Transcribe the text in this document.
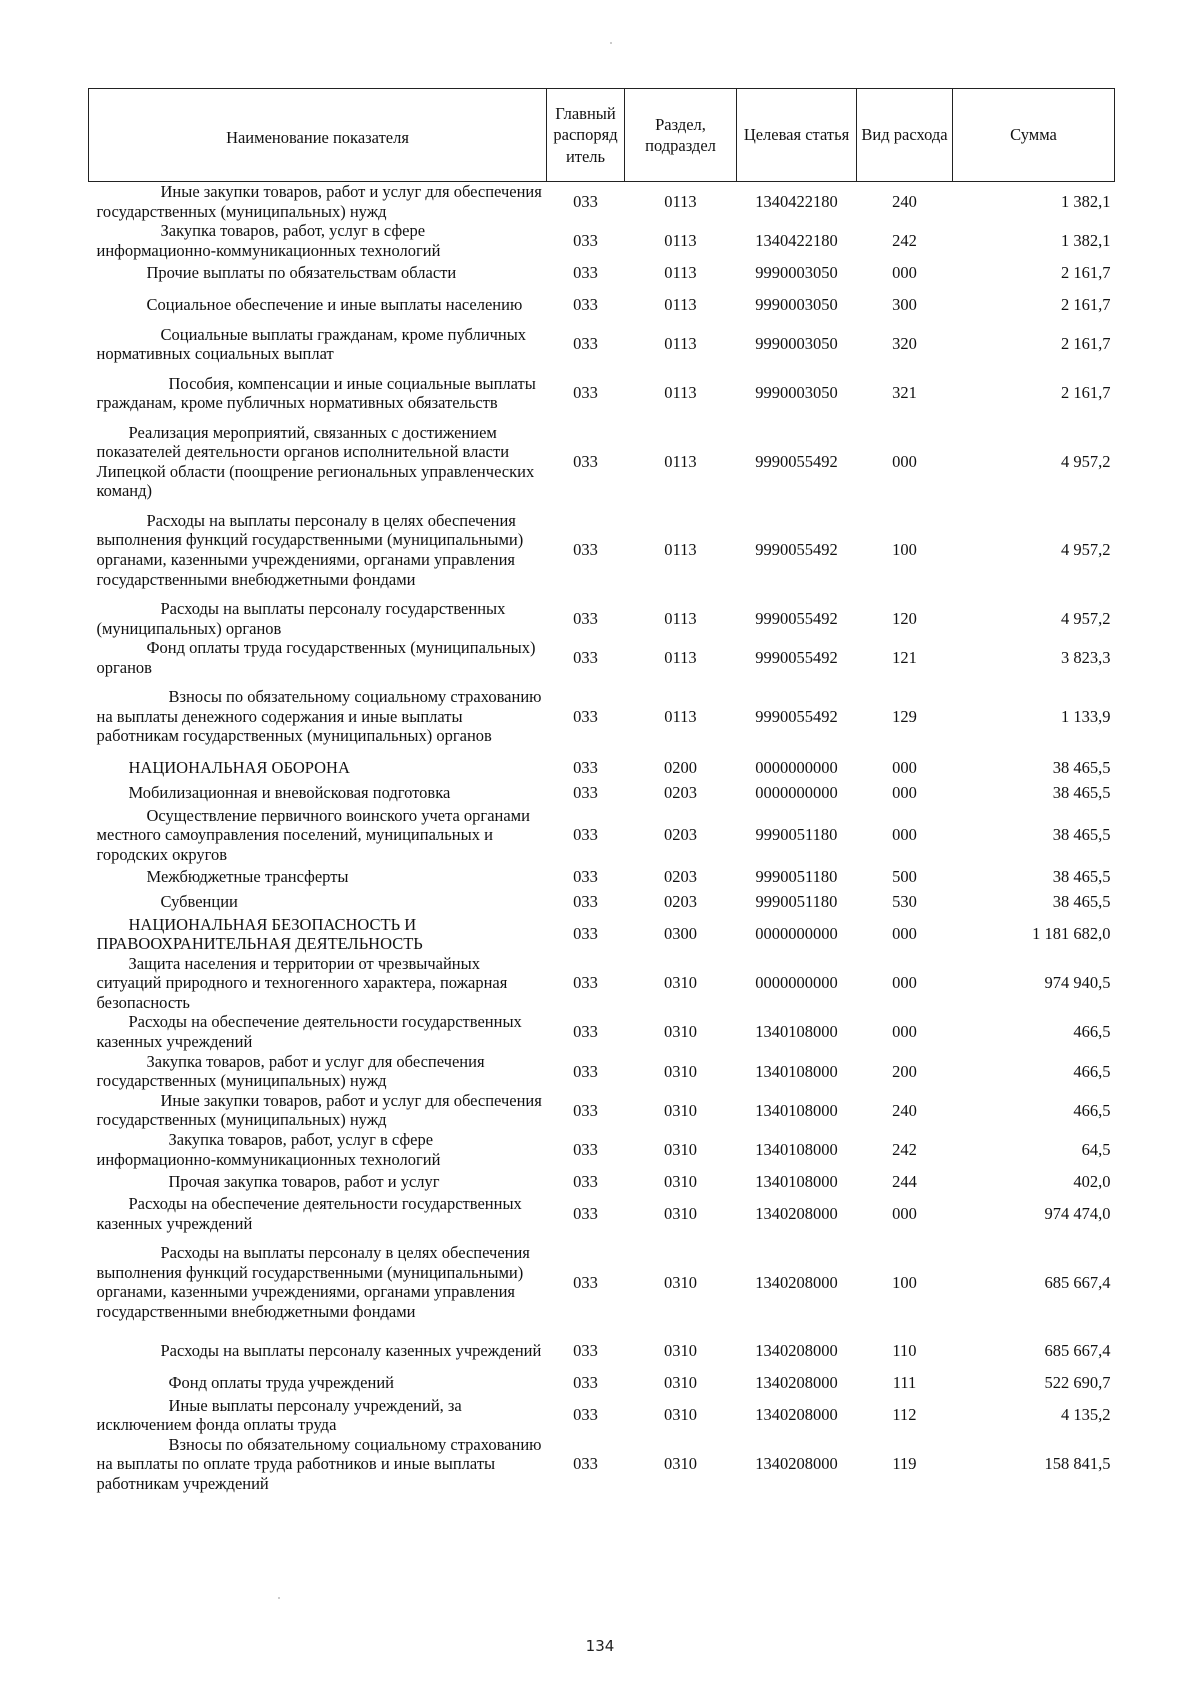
Наименование показателя	Главный распоряд итель	Раздел, подраздел	Целевая статья	Вид расхода	Сумма

Иные закупки товаров, работ и услуг для обеспечения государственных (муниципальных) нужд	033	0113	1340422180	240	1 382,1

Закупка товаров, работ, услуг в сфере информационно-коммуникационных технологий	033	0113	1340422180	242	1 382,1

Прочие выплаты по обязательствам области	033	0113	9990003050	000	2 161,7

Социальное обеспечение и иные выплаты населению	033	0113	9990003050	300	2 161,7

Социальные выплаты гражданам, кроме публичных нормативных социальных выплат	033	0113	9990003050	320	2 161,7

Пособия, компенсации и иные социальные выплаты гражданам, кроме публичных нормативных обязательств	033	0113	9990003050	321	2 161,7

Реализация мероприятий, связанных с достижением показателей деятельности органов исполнительной власти Липецкой области (поощрение региональных управленческих команд)	033	0113	9990055492	000	4 957,2

Расходы на выплаты персоналу в целях обеспечения выполнения функций государственными (муниципальными) органами, казенными учреждениями, органами управления государственными внебюджетными фондами	033	0113	9990055492	100	4 957,2

Расходы на выплаты персоналу государственных (муниципальных) органов	033	0113	9990055492	120	4 957,2

Фонд оплаты труда государственных (муниципальных) органов	033	0113	9990055492	121	3 823,3

Взносы по обязательному социальному страхованию на выплаты денежного содержания и иные выплаты работникам государственных (муниципальных) органов	033	0113	9990055492	129	1 133,9

НАЦИОНАЛЬНАЯ ОБОРОНА	033	0200	0000000000	000	38 465,5

Мобилизационная и вневойсковая подготовка	033	0203	0000000000	000	38 465,5

Осуществление первичного воинского учета органами местного самоуправления поселений, муниципальных и городских округов	033	0203	9990051180	000	38 465,5

Межбюджетные трансферты	033	0203	9990051180	500	38 465,5

Субвенции	033	0203	9990051180	530	38 465,5

НАЦИОНАЛЬНАЯ БЕЗОПАСНОСТЬ И ПРАВООХРАНИТЕЛЬНАЯ ДЕЯТЕЛЬНОСТЬ	033	0300	0000000000	000	1 181 682,0

Защита населения и территории от чрезвычайных ситуаций природного и техногенного характера, пожарная безопасность	033	0310	0000000000	000	974 940,5

Расходы на обеспечение деятельности государственных казенных учреждений	033	0310	1340108000	000	466,5

Закупка товаров, работ и услуг для обеспечения государственных (муниципальных) нужд	033	0310	1340108000	200	466,5

Иные закупки товаров, работ и услуг для обеспечения государственных (муниципальных) нужд	033	0310	1340108000	240	466,5

Закупка товаров, работ, услуг в сфере информационно-коммуникационных технологий	033	0310	1340108000	242	64,5

Прочая закупка товаров, работ и услуг	033	0310	1340108000	244	402,0

Расходы на обеспечение деятельности государственных казенных учреждений	033	0310	1340208000	000	974 474,0

Расходы на выплаты персоналу в целях обеспечения выполнения функций государственными (муниципальными) органами, казенными учреждениями, органами управления государственными внебюджетными фондами	033	0310	1340208000	100	685 667,4

Расходы на выплаты персоналу казенных учреждений	033	0310	1340208000	110	685 667,4

Фонд оплаты труда учреждений	033	0310	1340208000	111	522 690,7

Иные выплаты персоналу учреждений, за исключением фонда оплаты труда	033	0310	1340208000	112	4 135,2

Взносы по обязательному социальному страхованию на выплаты по оплате труда работников и иные выплаты работникам учреждений	033	0310	1340208000	119	158 841,5
134
